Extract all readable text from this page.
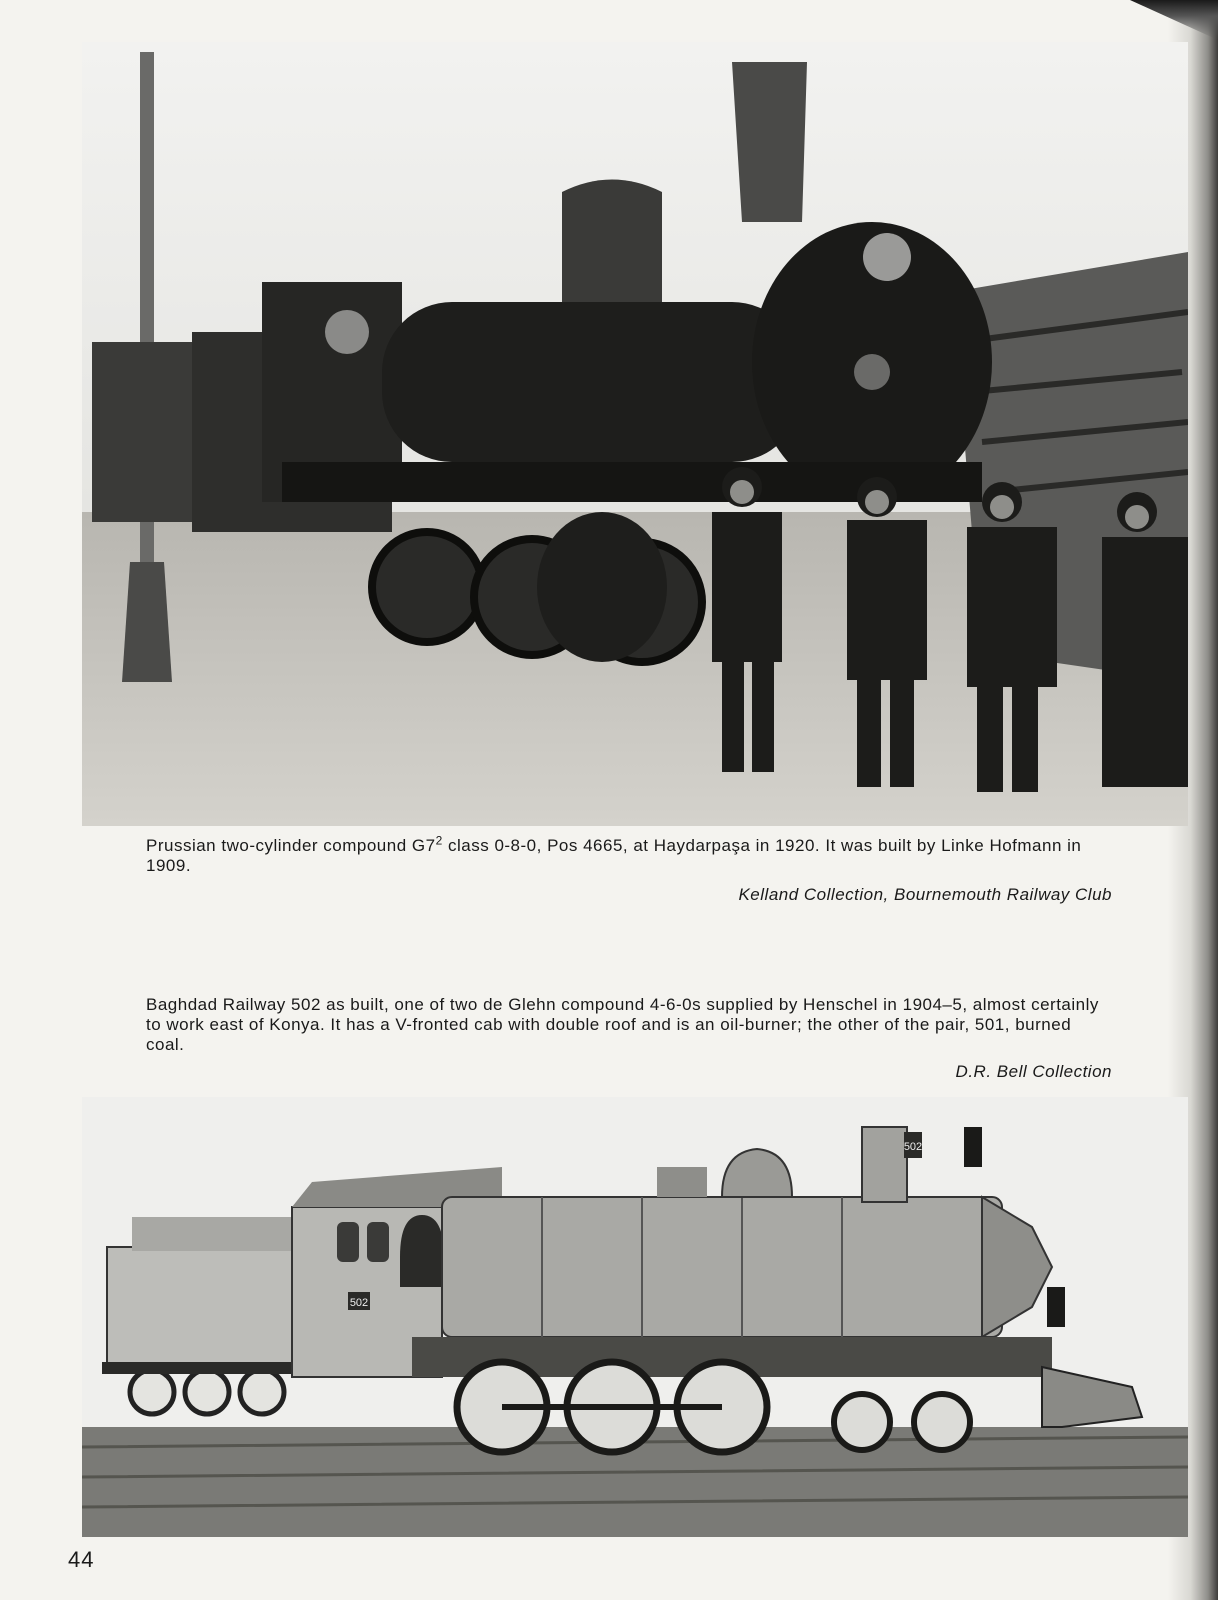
Prussian two-cylinder compound $G7^2$ class 0-8-0, Pos 4665, at Haydarpaşa in 1920. It was built by Linke Hofmann in 1909.
Kelland Collection, Bournemouth Railway Club
Baghdad Railway 502 as built, one of two de Glehn compound 4-6-0s supplied by Henschel in 1904–5, almost certainly to work east of Konya. It has a V-fronted cab with double roof and is an oil-burner; the other of the pair, 501, burned coal.
D.R. Bell Collection
502
502
44
